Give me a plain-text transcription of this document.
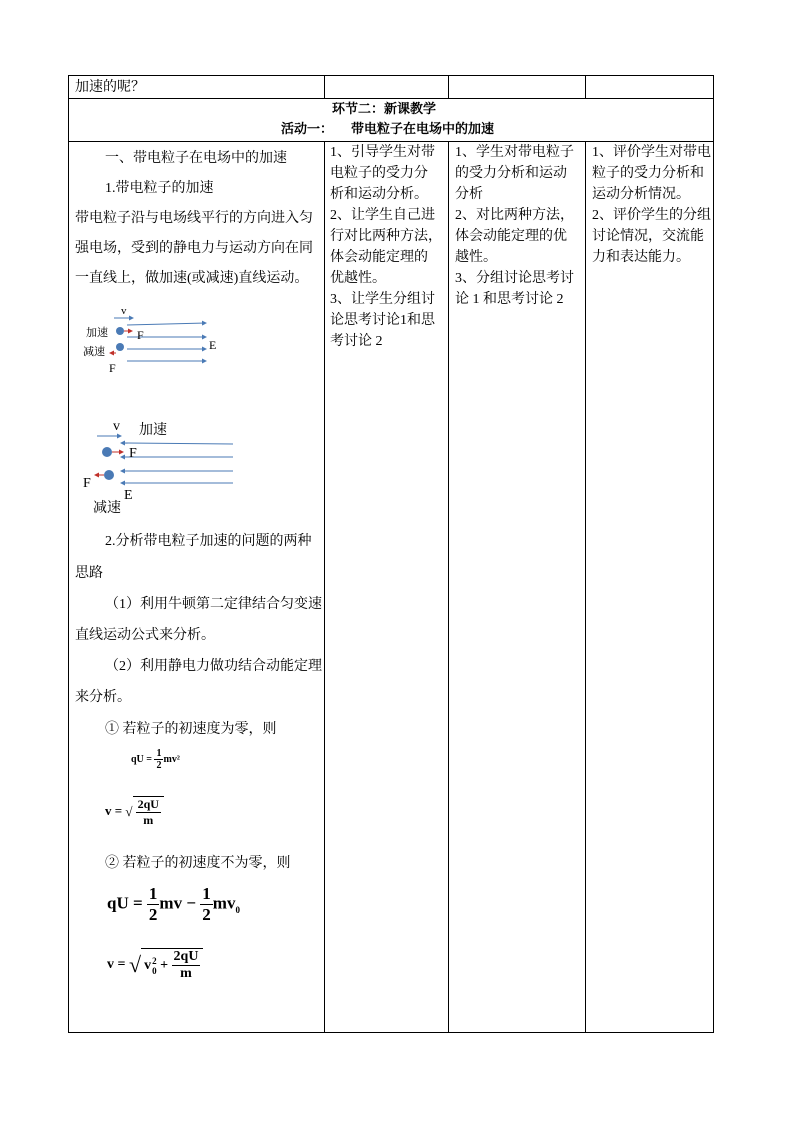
加速的呢？
环节二：新课教学
活动一： 带电粒子在电场中的加速
一、带电粒子在电场中的加速
1.带电粒子的加速
带电粒子沿与电场线平行的方向进入匀
强电场，受到的静电力与运动方向在同
一直线上，做加速(或减速)直线运动。
v
加速
减速
F
F
E
v 加速
F
F
E
减速
2.分析带电粒子加速的问题的两种
思路
（1）利用牛顿第二定律结合匀变速
直线运动公式来分析。
（2）利用静电力做功结合动能定理
来分析。
① 若粒子的初速度为零，则
qU = $\frac{1}{2} mv^2$
v = √ $\frac{2qU}{m}$
② 若粒子的初速度不为零，则
qU = $\frac{1}{2}$ mv − $\frac{1}{2} mv_0$
v = √ v 2
0
+
$\frac{2qU}{m}$
1、引导学生对带
电粒子的受力分
析和运动分析。
2、让学生自己进
行对比两种方法，
体会动能定理的
优越性。
3、让学生分组讨
论思考讨论1和思
考讨论 2
1、学生对带电粒子
的受力分析和运动
分析
2、对比两种方法，
体会动能定理的优
越性。
3、分组讨论思考讨
论 1 和思考讨论 2
1、评价学生对带电
粒子的受力分析和
运动分析情况。
2、评价学生的分组
讨论情况，交流能
力和表达能力。
